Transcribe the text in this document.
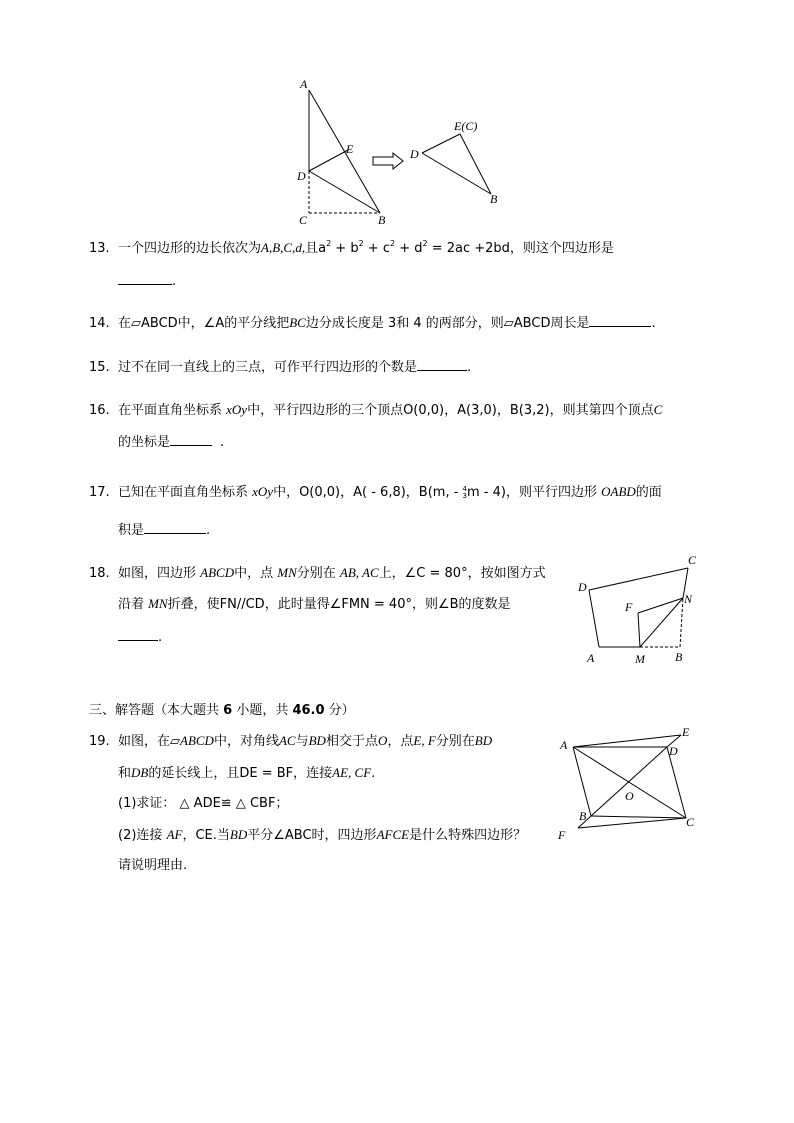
A
E
D
C	B
E(C)
D
B
13. 一个四边形的边长依次为A,B,C,d,且$a^2 + b^2 + c^2 + d^2 = 2ac +2bd$，则这个四边形是
.
14. 在▱ABCD中，∠A的平分线把BC边分成长度是 3和 4 的两部分，则▱ABCD周长是	.
15. 过不在同一直线上的三点，可作平行四边形的个数是	.
16. 在平面直角坐标系 xOy中，平行四边形的三个顶点O(0,0)，A(3,0)，B(3,2)，则其第四个顶点C
的坐标是	.
17. 已知在平面直角坐标系 xOy中，O(0,0)，A( - 6,8)，B(m, - 4
3 m - 4)，则平行四边形 OABD的面
积是	.
18. 如图，四边形 ABCD中，点 MN分别在 AB, AC上，∠C = 80°，按如图方式
沿着 MN折叠，使FN//CD，此时量得∠FMN = 40°，则∠B的度数是
.
C
D
F
N
A	M	B
三、解答题（本大题共 6 小题，共 46.0 分）
19. 如图，在▱ABCD中，对角线AC与BD相交于点O，点E, F分别在BD
和DB的延长线上，且DE = BF，连接AE, CF.
(1)求证： △ ADE≌ △ CBF；
(2)连接 AF，CE.当BD平分∠ABC时，四边形AFCE是什么特殊四边形？
请说明理由.
A
E
D
O
B	C
F
